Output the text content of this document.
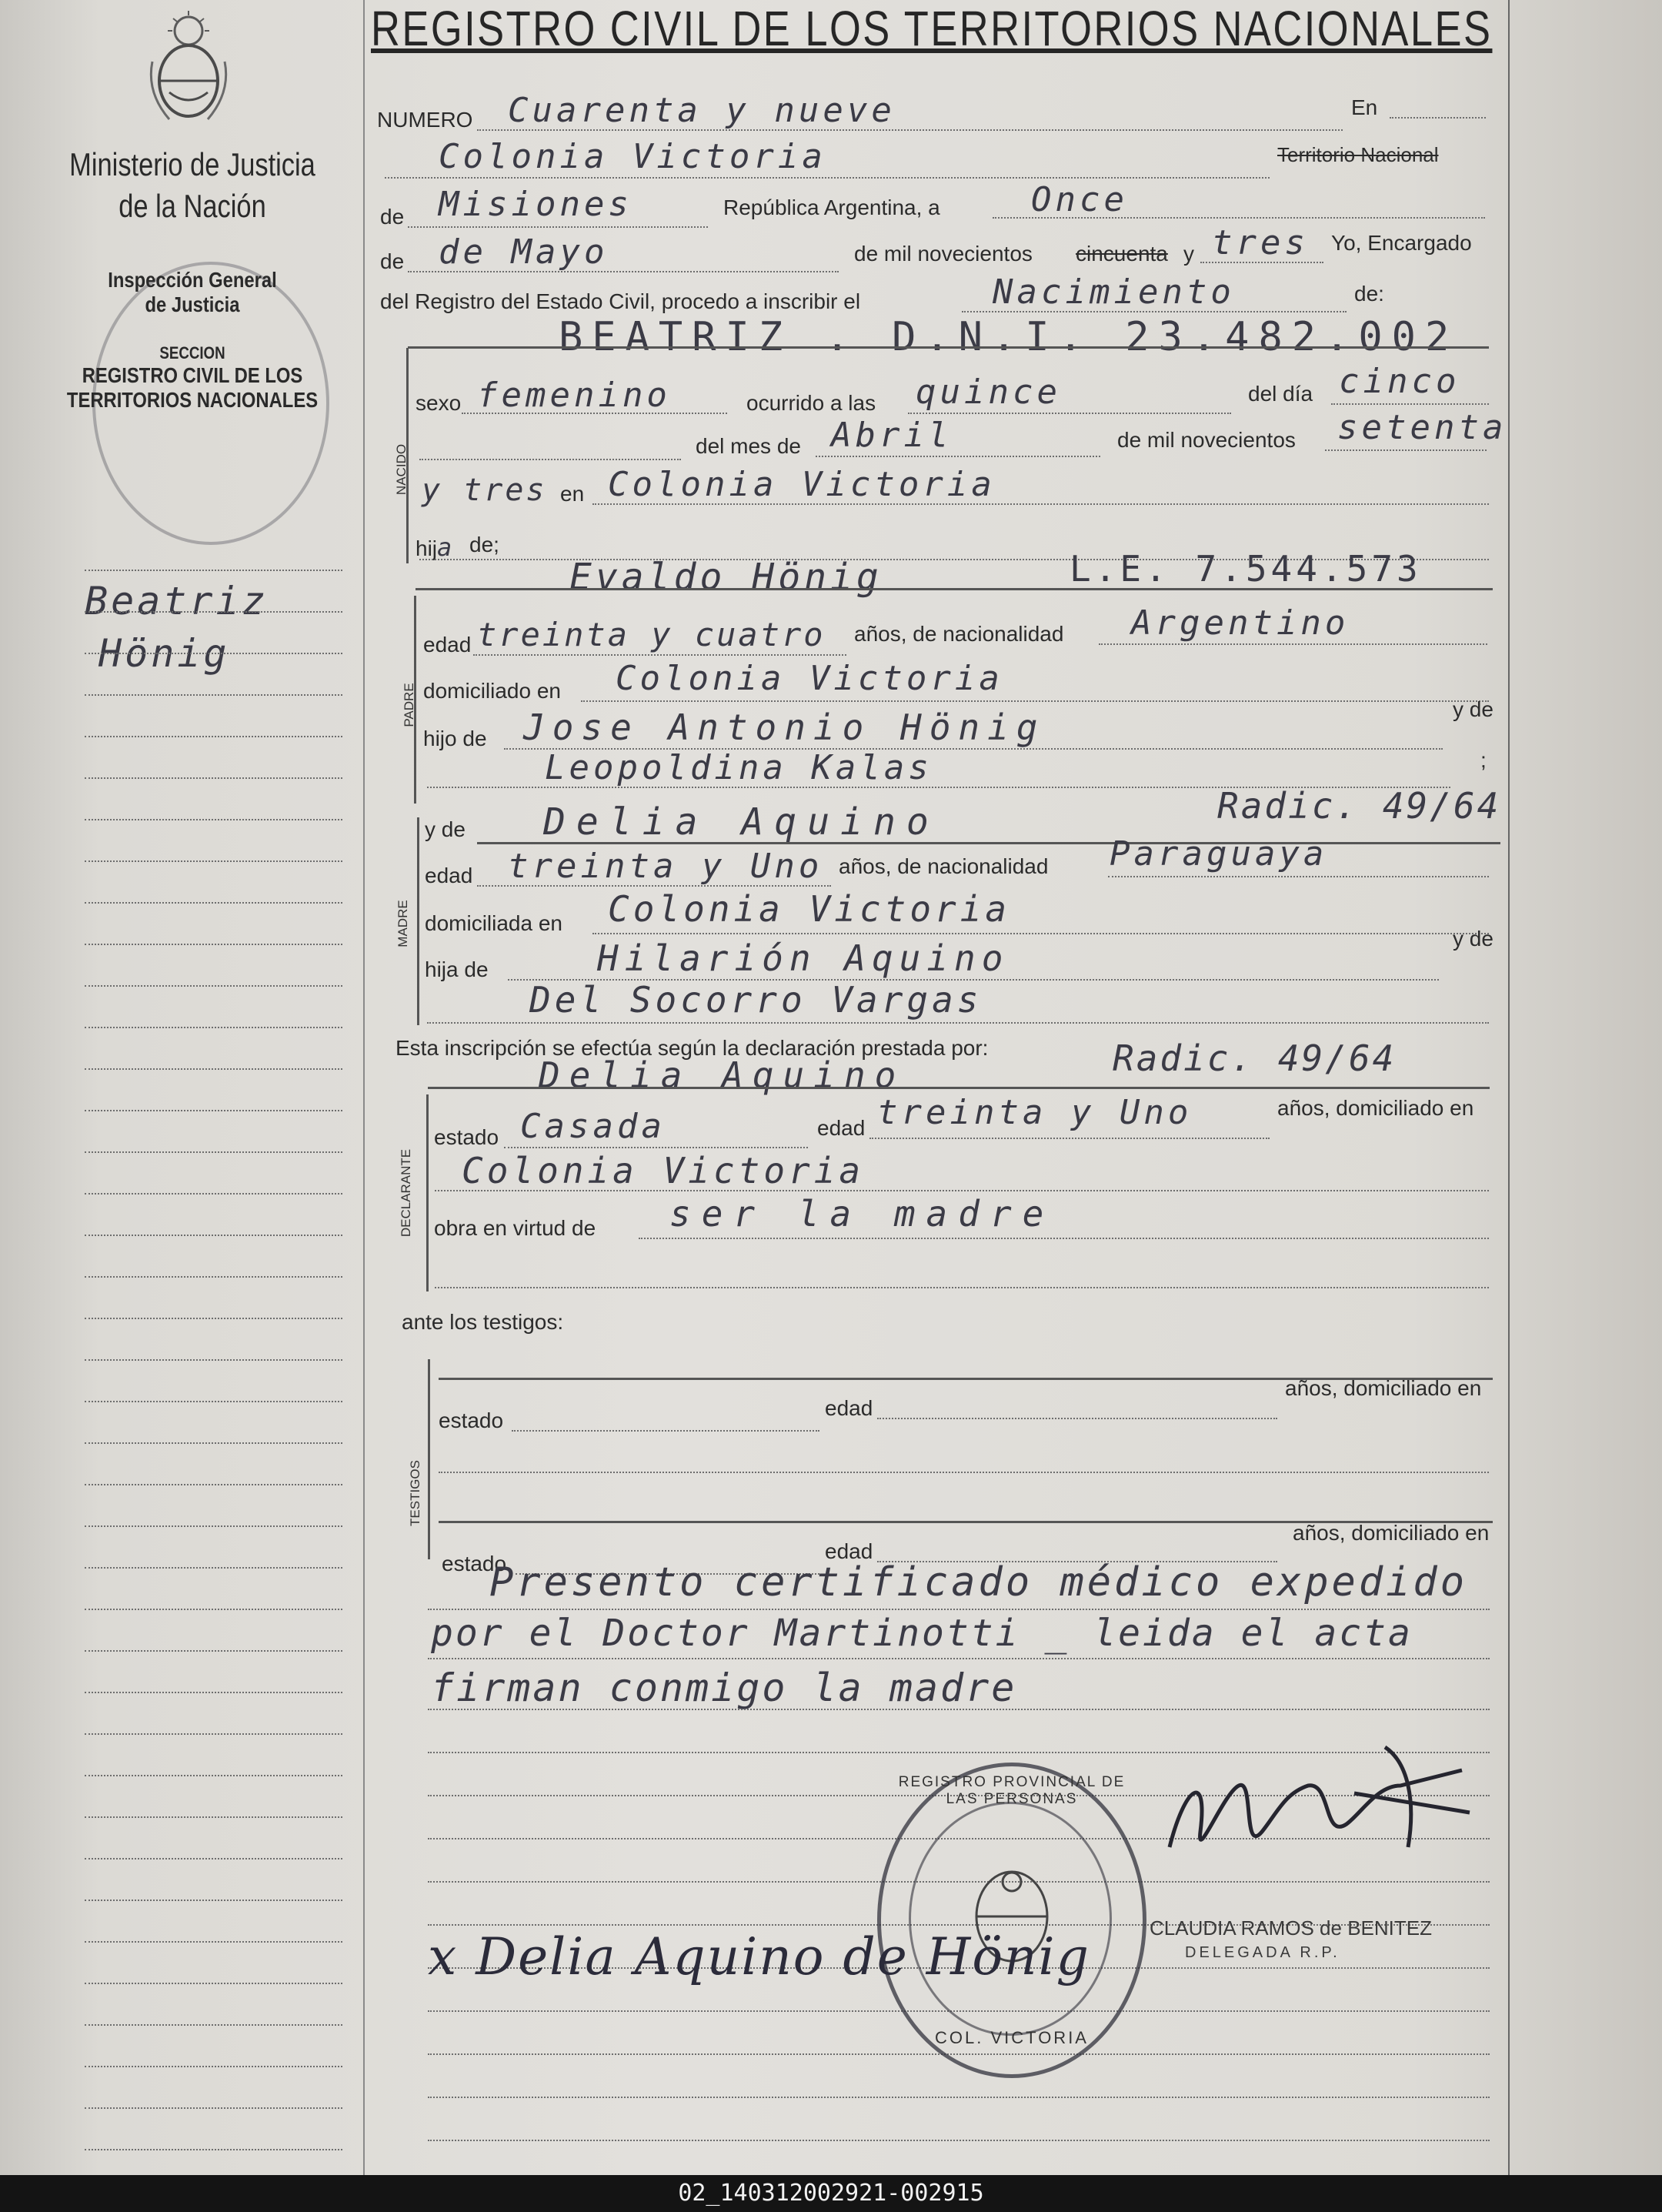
Ministerio de Justicia
de la Nación
Inspección General
de Justicia
SECCION
REGISTRO CIVIL DE LOS
TERRITORIOS NACIONALES
Beatriz
Hönig
REGISTRO CIVIL DE LOS TERRITORIOS NACIONALES
NUMERO Cuarenta y nueve	En
Colonia Victoria	Territorio Nacional
de Misiones	República Argentina, a	Once
de de Mayo	de mil novecientos cincuenta y tres Yo, Encargado
del Registro del Estado Civil, procedo a inscribir el	Nacimiento	de:
BEATRIZ . D.N.I. 23.482.002
NACIDO
sexo femenino	ocurrido a las quince	del día cinco
del mes de Abril	de mil novecientos setenta
y tres en Colonia Victoria
hija de;
Evaldo Hönig	L.E. 7.544.573
PADRE
edad treinta y cuatro años, de nacionalidad Argentino
domiciliado en Colonia Victoria
hijo de Jose Antonio Hönig	y de
Leopoldina Kalas	;
MADRE
y de Delia Aquino	Radic. 49/64
edad treinta y Uno años, de nacionalidad Paraguaya
domiciliada en Colonia Victoria
hija de	Hilarión Aquino	y de
Del Socorro Vargas
Esta inscripción se efectúa según la declaración prestada por:	Radic. 49/64
Delia Aquino
DECLARANTE
estado Casada	edad treinta y Uno	años, domiciliado en
Colonia Victoria
obra en virtud de ser la madre
ante los testigos:
TESTIGOS
estado
edad
años, domiciliado en
estado
edad
años, domiciliado en
Presento certificado médico expedido
por el Doctor Martinotti _ leida el acta
firman conmigo la madre
REGISTRO PROVINCIAL DE LAS PERSONAS
COL. VICTORIA
CLAUDIA RAMOS de BENITEZ
DELEGADA R.P.
x Delia Aquino de Hönig
02_140312002921-002915
